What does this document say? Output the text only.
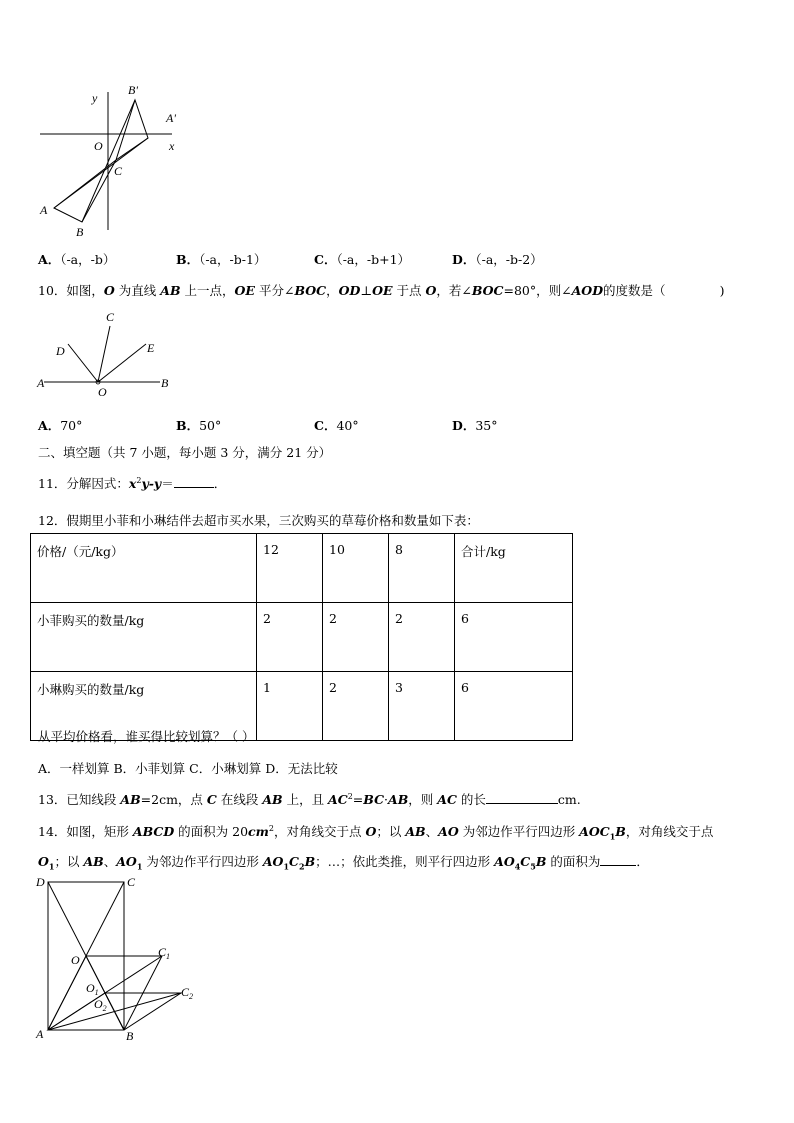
y
x
O
C
A
B
A'
B'
A．（-a，-b）	B．（-a，-b-1）	C．（-a，-b+1）	D．（-a，-b-2）
10．如图，O 为直线 AB 上一点，OE 平分∠BOC，OD⊥OE 于点 O，若∠BOC=80°，则∠AOD的度数是（	)
C
D	E
A
O
B
A．70°	B．50°	C．40°	D．35°
二、填空题（共 7 小题，每小题 3 分，满分 21 分）
11．分解因式：$x^2y-y=$	．
12．假期里小菲和小琳结伴去超市买水果，三次购买的草莓价格和数量如下表：
价格/（元/kg）	12	10	8	合计/kg
小菲购买的数量/kg	2	2	2	6
小琳购买的数量/kg	1	2	3	6
从平均价格看，谁买得比较划算？（ ）
A．一样划算 B．小菲划算 C．小琳划算 D．无法比较
13．已知线段 AB=2cm，点 C 在线段 AB 上，且 $AC^2=BC\cdot AB$，则 AC 的长	cm.
14．如图，矩形 ABCD 的面积为 $20cm^2$，对角线交于点 O；以 AB、AO 为邻边作平行四边形 $AOC_1B$，对角线交于点
$O_1$；以 AB、$AO_1$ 为邻边作平行四边形 $AO_1C_2B$；…；依此类推，则平行四边形 $AO_4C_5B$ 的面积为	．
D	C
O
$C_1$
$O_1$
$O_2$
$C_2$
A	B
